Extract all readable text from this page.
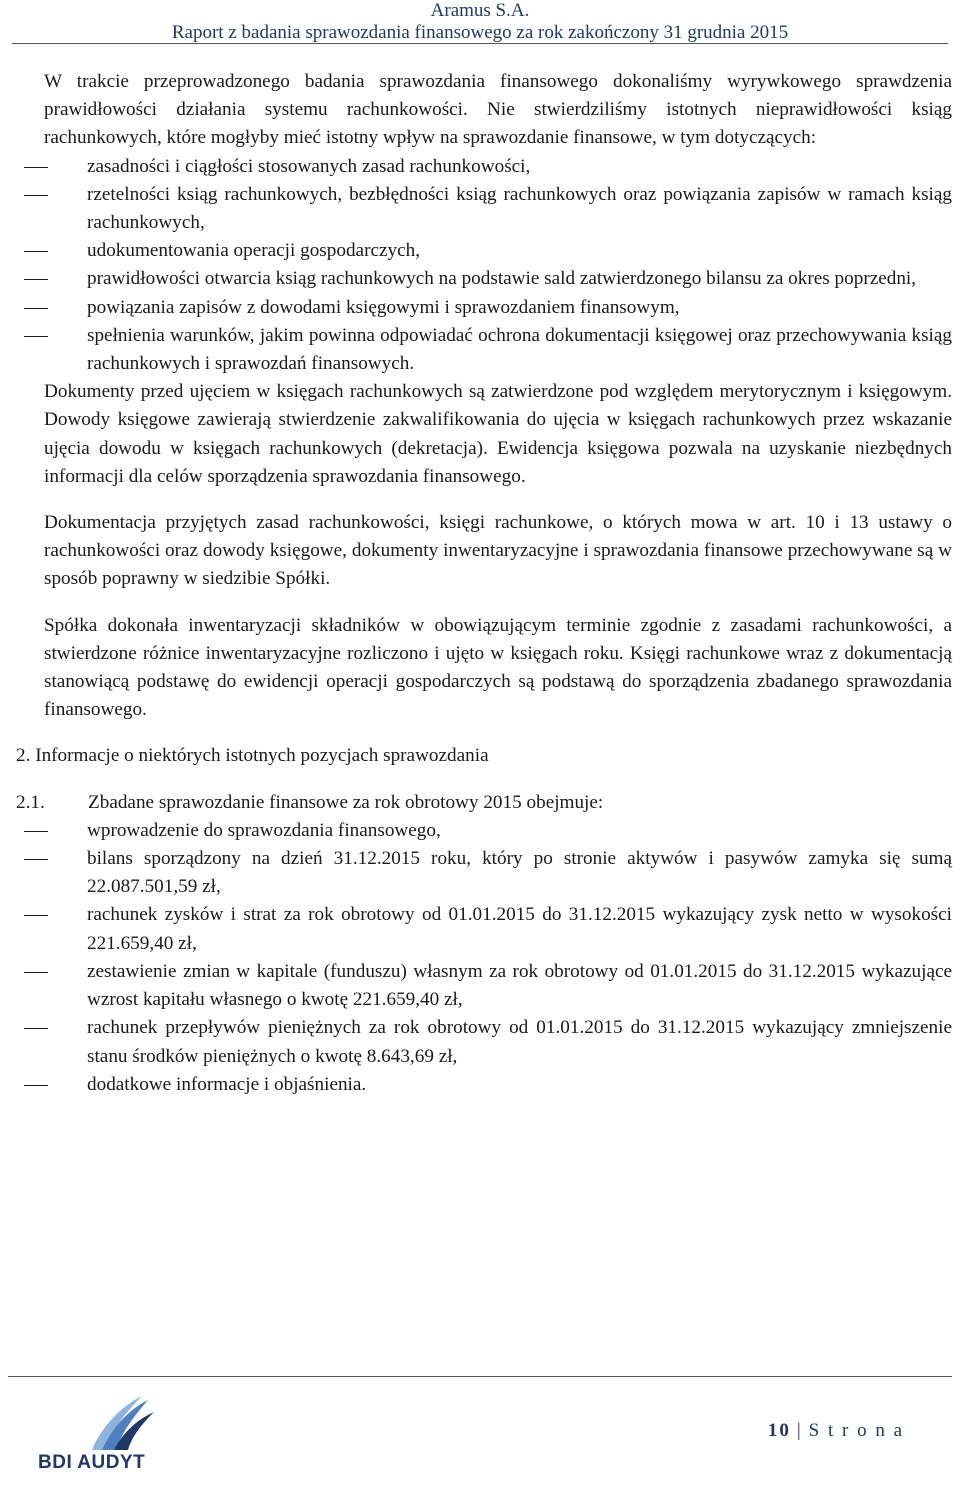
Aramus S.A.
Raport z badania sprawozdania finansowego za rok zakończony 31 grudnia 2015

W trakcie przeprowadzonego badania sprawozdania finansowego dokonaliśmy wyrywkowego sprawdzenia prawidłowości działania systemu rachunkowości. Nie stwierdziliśmy istotnych nieprawidłowości ksiąg rachunkowych, które mogłyby mieć istotny wpływ na sprawozdanie finansowe, w tym dotyczących:

zasadności i ciągłości stosowanych zasad rachunkowości,
rzetelności ksiąg rachunkowych, bezbłędności ksiąg rachunkowych oraz powiązania zapisów w ramach ksiąg rachunkowych,
udokumentowania operacji gospodarczych,
prawidłowości otwarcia ksiąg rachunkowych na podstawie sald zatwierdzonego bilansu za okres poprzedni,
powiązania zapisów z dowodami księgowymi i sprawozdaniem finansowym,
spełnienia warunków, jakim powinna odpowiadać ochrona dokumentacji księgowej oraz przechowywania ksiąg rachunkowych i sprawozdań finansowych.

Dokumenty przed ujęciem w księgach rachunkowych są zatwierdzone pod względem merytorycznym i księgowym. Dowody księgowe zawierają stwierdzenie zakwalifikowania do ujęcia w księgach rachunkowych przez wskazanie ujęcia dowodu w księgach rachunkowych (dekretacja). Ewidencja księgowa pozwala na uzyskanie niezbędnych informacji dla celów sporządzenia sprawozdania finansowego.

Dokumentacja przyjętych zasad rachunkowości, księgi rachunkowe, o których mowa w art. 10 i 13 ustawy o rachunkowości oraz dowody księgowe, dokumenty inwentaryzacyjne i sprawozdania finansowe przechowywane są w sposób poprawny w siedzibie Spółki.

Spółka dokonała inwentaryzacji składników w obowiązującym terminie zgodnie z zasadami rachunkowości, a stwierdzone różnice inwentaryzacyjne rozliczono i ujęto w księgach roku. Księgi rachunkowe wraz z dokumentacją stanowiącą podstawę do ewidencji operacji gospodarczych są podstawą do sporządzenia zbadanego sprawozdania finansowego.

2. Informacje o niektórych istotnych pozycjach sprawozdania
2.1.	Zbadane sprawozdanie finansowe za rok obrotowy 2015 obejmuje:
wprowadzenie do sprawozdania finansowego,
bilans sporządzony na dzień 31.12.2015 roku, który po stronie aktywów i pasywów zamyka się sumą 22.087.501,59 zł,
rachunek zysków i strat za rok obrotowy od 01.01.2015 do 31.12.2015 wykazujący zysk netto w wysokości 221.659,40 zł,
zestawienie zmian w kapitale (funduszu) własnym za rok obrotowy od 01.01.2015 do 31.12.2015 wykazujące wzrost kapitału własnego o kwotę 221.659,40 zł,
rachunek przepływów pieniężnych za rok obrotowy od 01.01.2015 do 31.12.2015 wykazujący zmniejszenie stanu środków pieniężnych o kwotę 8.643,69 zł,
dodatkowe informacje i objaśnienia.
BDI AUDYT
10 | S t r o n a
